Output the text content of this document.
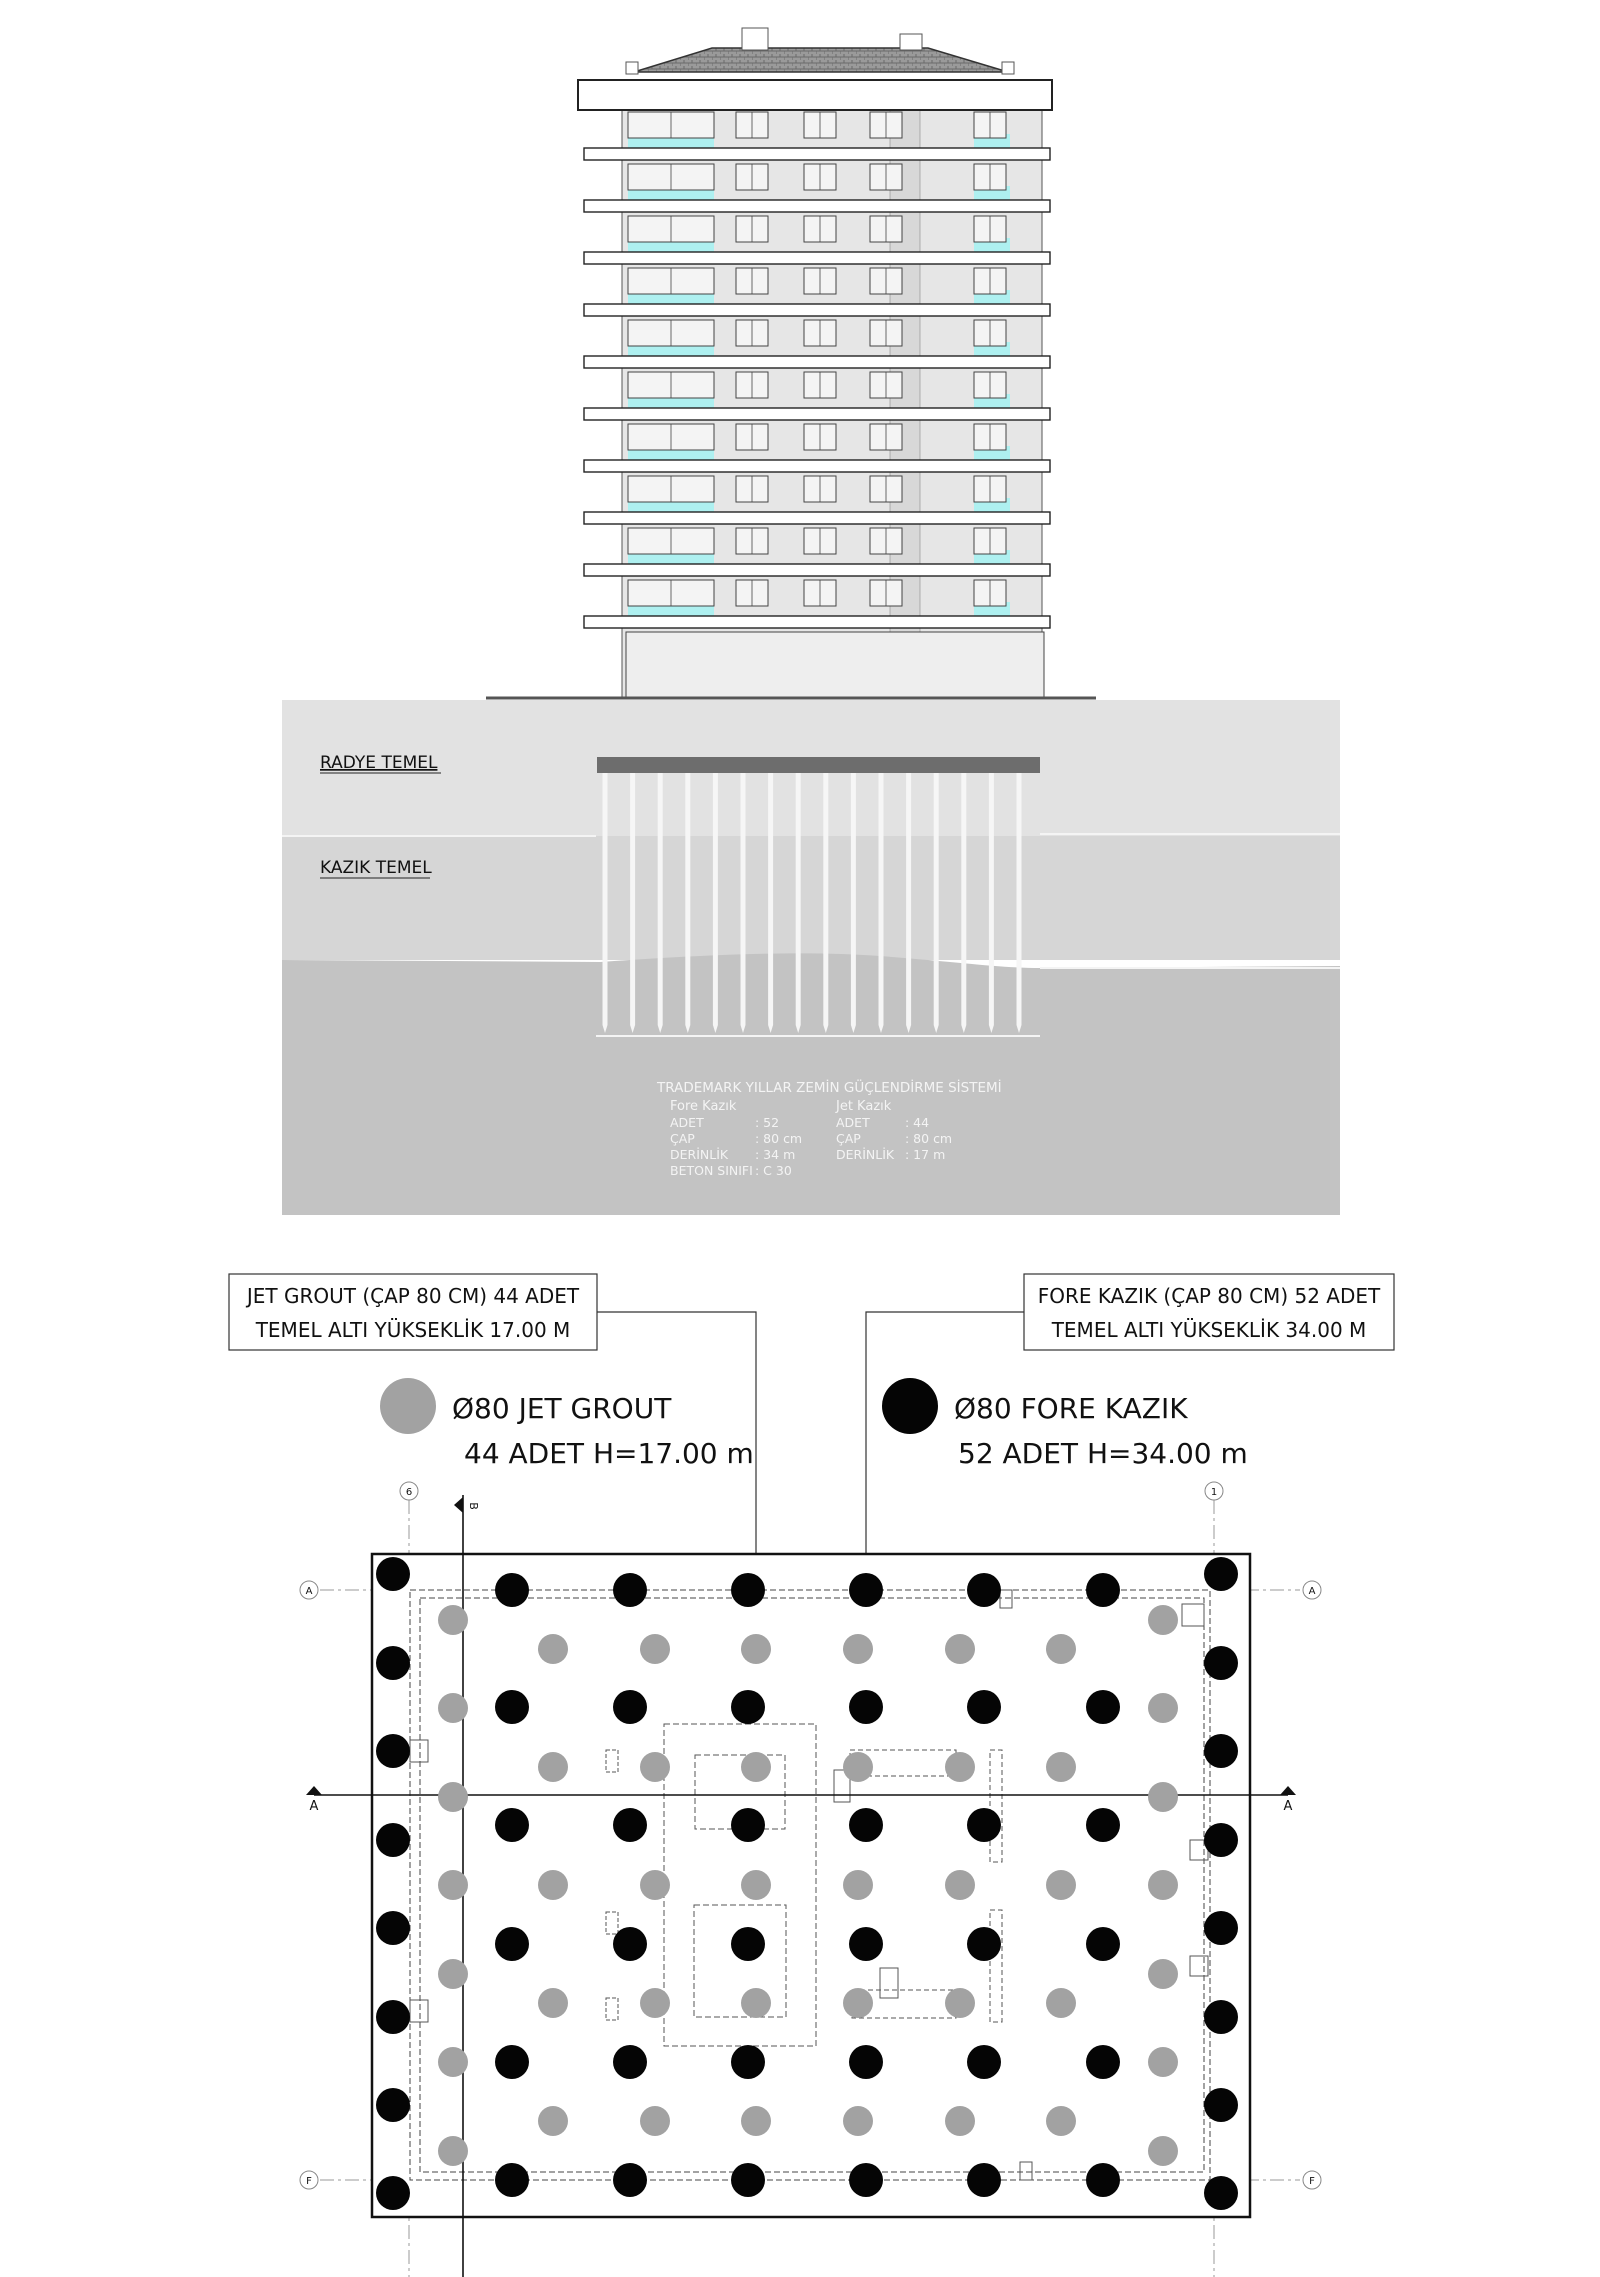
RADYE TEMEL
KAZIK TEMEL
TRADEMARK YILLAR ZEMİN GÜÇLENDİRME SİSTEMİ
Fore Kazık	Jet Kazık
ADET	: 52
ÇAP	: 80 cm
DERİNLİK : 34 m
BETON SINIFI : C 30
ADET	: 44
ÇAP	: 80 cm
DERİNLİK : 17 m
JET GROUT (ÇAP 80 CM) 44 ADET
TEMEL ALTI YÜKSEKLİK 17.00 M
FORE KAZIK (ÇAP 80 CM) 52 ADET
TEMEL ALTI YÜKSEKLİK 34.00 M
Ø80 JET GROUT
44 ADET H=17.00 m
Ø80 FORE KAZIK
52 ADET H=34.00 m
6	1
A	A
F	F
A	A
B
